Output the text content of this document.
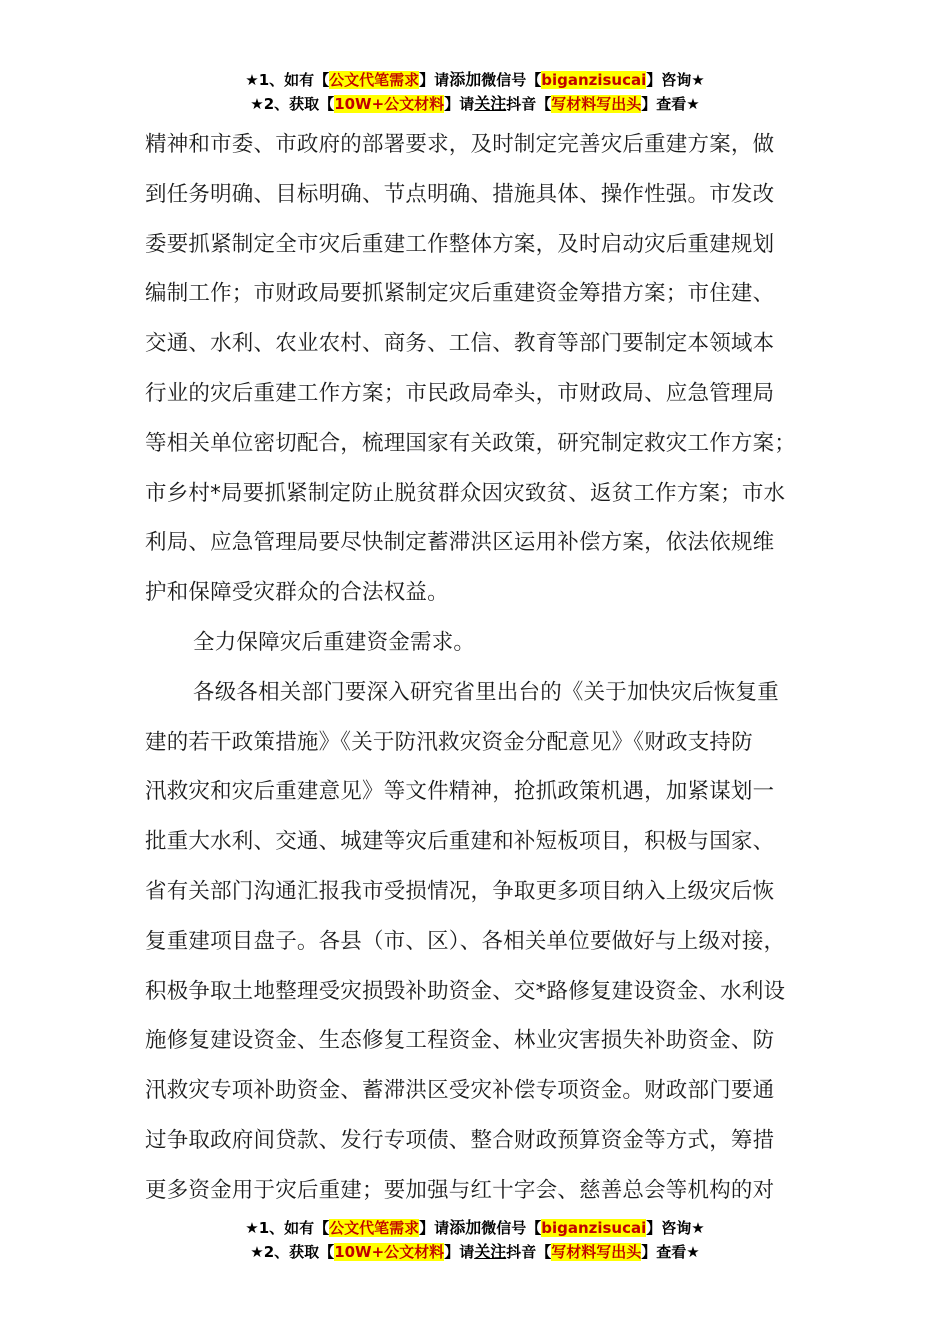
★1、如有【公文代笔需求】请添加微信号【biganzisucai】咨询★
★2、获取【10W+公文材料】请关注抖音【写材料写出头】查看★
精神和市委、市政府的部署要求，及时制定完善灾后重建方案，做
到任务明确、目标明确、节点明确、措施具体、操作性强。市发改
委要抓紧制定全市灾后重建工作整体方案，及时启动灾后重建规划
编制工作；市财政局要抓紧制定灾后重建资金筹措方案；市住建、
交通、水利、农业农村、商务、工信、教育等部门要制定本领域本
行业的灾后重建工作方案；市民政局牵头，市财政局、应急管理局
等相关单位密切配合，梳理国家有关政策，研究制定救灾工作方案；
市乡村*局要抓紧制定防止脱贫群众因灾致贫、返贫工作方案；市水
利局、应急管理局要尽快制定蓄滞洪区运用补偿方案，依法依规维
护和保障受灾群众的合法权益。
全力保障灾后重建资金需求。
各级各相关部门要深入研究省里出台的《关于加快灾后恢复重
建的若干政策措施》《关于防汛救灾资金分配意见》《财政支持防
汛救灾和灾后重建意见》等文件精神，抢抓政策机遇，加紧谋划一
批重大水利、交通、城建等灾后重建和补短板项目，积极与国家、
省有关部门沟通汇报我市受损情况，争取更多项目纳入上级灾后恢
复重建项目盘子。各县（市、区）、各相关单位要做好与上级对接，
积极争取土地整理受灾损毁补助资金、交*路修复建设资金、水利设
施修复建设资金、生态修复工程资金、林业灾害损失补助资金、防
汛救灾专项补助资金、蓄滞洪区受灾补偿专项资金。财政部门要通
过争取政府间贷款、发行专项债、整合财政预算资金等方式，筹措
更多资金用于灾后重建；要加强与红十字会、慈善总会等机构的对
★1、如有【公文代笔需求】请添加微信号【biganzisucai】咨询★
★2、获取【10W+公文材料】请关注抖音【写材料写出头】查看★
